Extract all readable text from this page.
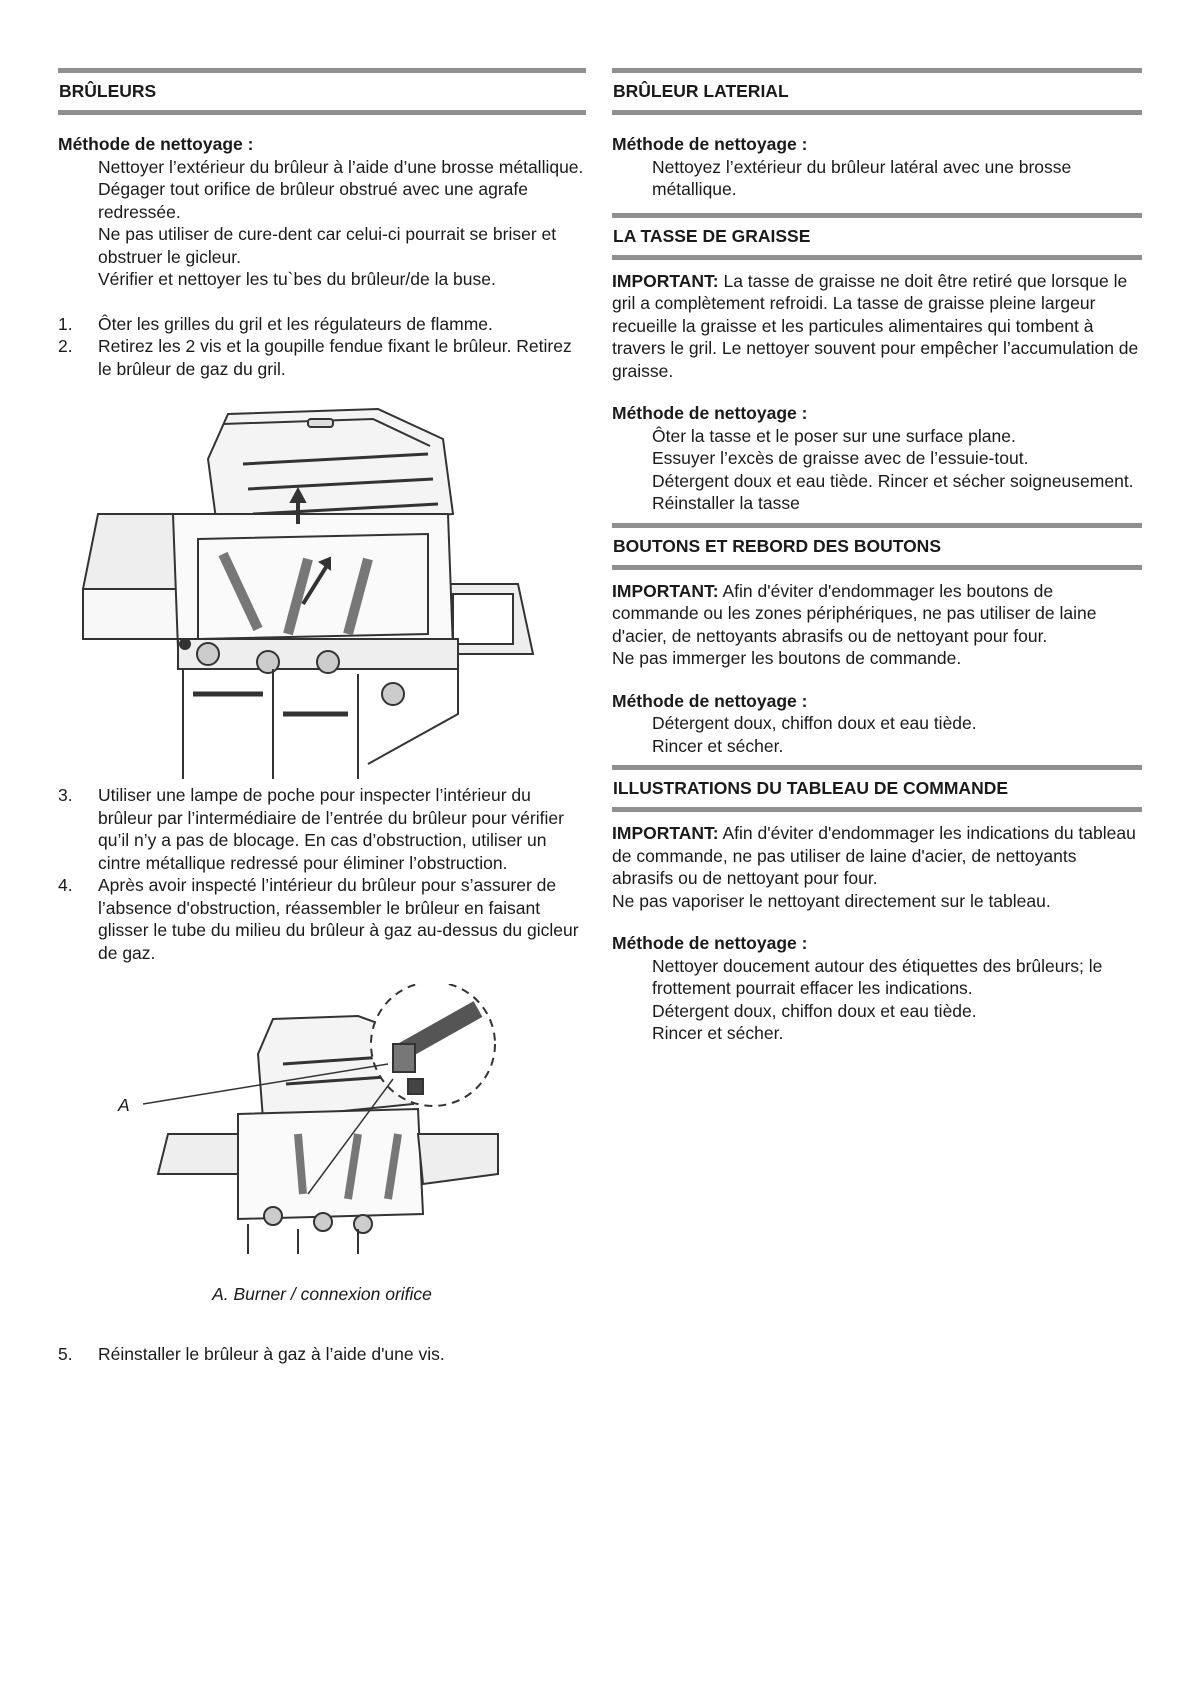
BRÛLEURS

Méthode de nettoyage :

Nettoyer l’extérieur du brûleur à l’aide d’une brosse métallique.
Dégager tout orifice de brûleur obstrué avec une agrafe redressée.
Ne pas utiliser de cure-dent car celui-ci pourrait se briser et obstruer le gicleur.
Vérifier et nettoyer les tu`bes du brûleur/de la buse.
1.	Ôter les grilles du gril et les régulateurs de flamme.
2.	Retirez les 2 vis et la goupille fendue fixant le brûleur. Retirez le brûleur de gaz du gril.
3.	Utiliser une lampe de poche pour inspecter l’intérieur du brûleur par l’intermédiaire de l’entrée du brûleur pour vérifier qu’il n’y a pas de blocage. En cas d’obstruction, utiliser un cintre métallique redressé pour éliminer l’obstruction.
4.	Après avoir inspecté l’intérieur du brûleur pour s’assurer de l’absence d'obstruction, réassembler le brûleur en faisant glisser le tube du milieu du brûleur à gaz au-dessus du gicleur de gaz.
A
A. Burner / connexion orifice
5.	Réinstaller le brûleur à gaz à l’aide d'une vis.
BRÛLEUR LATERIAL

Méthode de nettoyage :

Nettoyez l’extérieur du brûleur latéral avec une brosse métallique.
LA TASSE DE GRAISSE

IMPORTANT: La tasse de graisse ne doit être retiré que lorsque le gril a complètement refroidi. La tasse de graisse pleine largeur recueille la graisse et les particules alimentaires qui tombent à travers le gril. Le nettoyer souvent pour empêcher l’accumulation de graisse.

Méthode de nettoyage :

Ôter la tasse et le poser sur une surface plane.
Essuyer l’excès de graisse avec de l’essuie-tout.
Détergent doux et eau tiède. Rincer et sécher soigneusement.
Réinstaller la tasse
BOUTONS ET REBORD DES BOUTONS

IMPORTANT: Afin d'éviter d'endommager les boutons de commande ou les zones périphériques, ne pas utiliser de laine d'acier, de nettoyants abrasifs ou de nettoyant pour four.

Ne pas immerger les boutons de commande.

Méthode de nettoyage :

Détergent doux, chiffon doux et eau tiède.
Rincer et sécher.
ILLUSTRATIONS DU TABLEAU DE COMMANDE

IMPORTANT: Afin d'éviter d'endommager les indications du tableau de commande, ne pas utiliser de laine d'acier, de nettoyants abrasifs ou de nettoyant pour four.

Ne pas vaporiser le nettoyant directement sur le tableau.

Méthode de nettoyage :

Nettoyer doucement autour des étiquettes des brûleurs; le frottement pourrait effacer les indications.
Détergent doux, chiffon doux et eau tiède.
Rincer et sécher.
